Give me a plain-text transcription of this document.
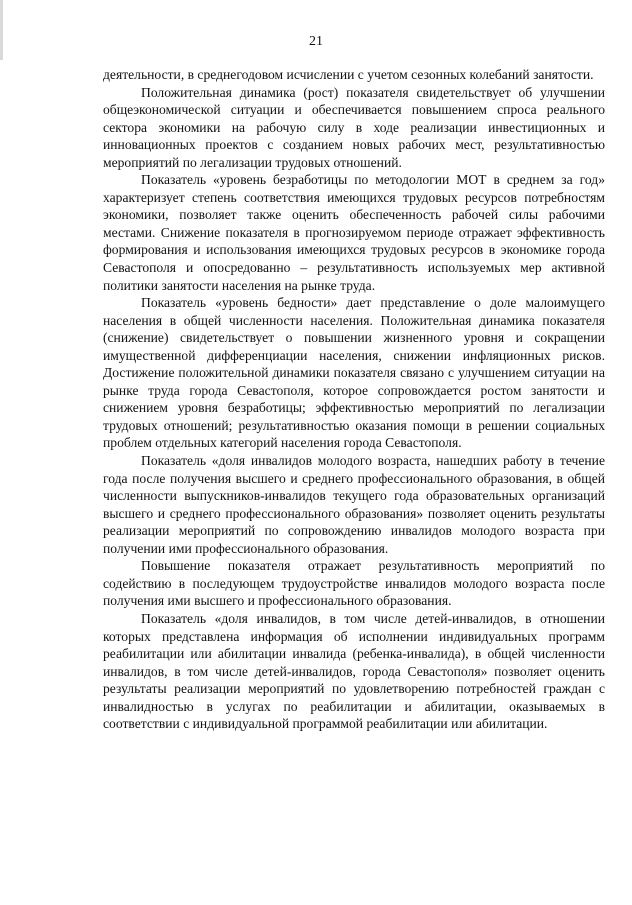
21

деятельности, в среднегодовом исчислении с учетом сезонных колебаний занятости.

Положительная динамика (рост) показателя свидетельствует об улучшении общеэкономической ситуации и обеспечивается повышением спроса реального сектора экономики на рабочую силу в ходе реализации инвестиционных и инновационных проектов с созданием новых рабочих мест, результативностью мероприятий по легализации трудовых отношений.

Показатель «уровень безработицы по методологии МОТ в среднем за год» характеризует степень соответствия имеющихся трудовых ресурсов потребностям экономики, позволяет также оценить обеспеченность рабочей силы рабочими местами. Снижение показателя в прогнозируемом периоде отражает эффективность формирования и использования имеющихся трудовых ресурсов в экономике города Севастополя и опосредованно – результативность используемых мер активной политики занятости населения на рынке труда.

Показатель «уровень бедности» дает представление о доле малоимущего населения в общей численности населения. Положительная динамика показателя (снижение) свидетельствует о повышении жизненного уровня и сокращении имущественной дифференциации населения, снижении инфляционных рисков. Достижение положительной динамики показателя связано с улучшением ситуации на рынке труда города Севастополя, которое сопровождается ростом занятости и снижением уровня безработицы; эффективностью мероприятий по легализации трудовых отношений; результативностью оказания помощи в решении социальных проблем отдельных категорий населения города Севастополя.

Показатель «доля инвалидов молодого возраста, нашедших работу в течение года после получения высшего и среднего профессионального образования, в общей численности выпускников-инвалидов текущего года образовательных организаций высшего и среднего профессионального образования» позволяет оценить результаты реализации мероприятий по сопровождению инвалидов молодого возраста при получении ими профессионального образования.

Повышение показателя отражает результативность мероприятий по содействию в последующем трудоустройстве инвалидов молодого возраста после получения ими высшего и профессионального образования.

Показатель «доля инвалидов, в том числе детей-инвалидов, в отношении которых представлена информация об исполнении индивидуальных программ реабилитации или абилитации инвалида (ребенка-инвалида), в общей численности инвалидов, в том числе детей-инвалидов, города Севастополя» позволяет оценить результаты реализации мероприятий по удовлетворению потребностей граждан с инвалидностью в услугах по реабилитации и абилитации, оказываемых в соответствии с индивидуальной программой реабилитации или абилитации.
